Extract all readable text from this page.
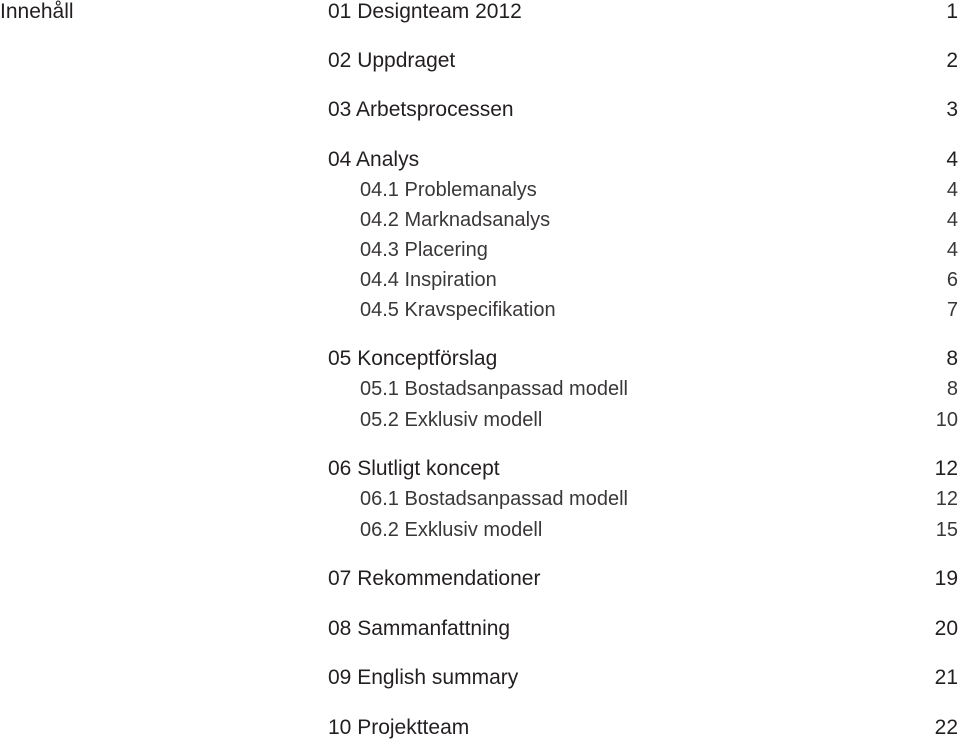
Innehåll	01 Designteam 2012	1
02 Uppdraget	2
03 Arbetsprocessen	3
04 Analys	4
04.1 Problemanalys	4
04.2 Marknadsanalys	4
04.3 Placering	4
04.4 Inspiration	6
04.5 Kravspecifikation	7
05 Konceptförslag	8
05.1 Bostadsanpassad modell	8
05.2 Exklusiv modell	10
06 Slutligt koncept	12
06.1 Bostadsanpassad modell	12
06.2 Exklusiv modell	15
07 Rekommendationer	19
08 Sammanfattning	20
09 English summary	21
10 Projektteam	22
